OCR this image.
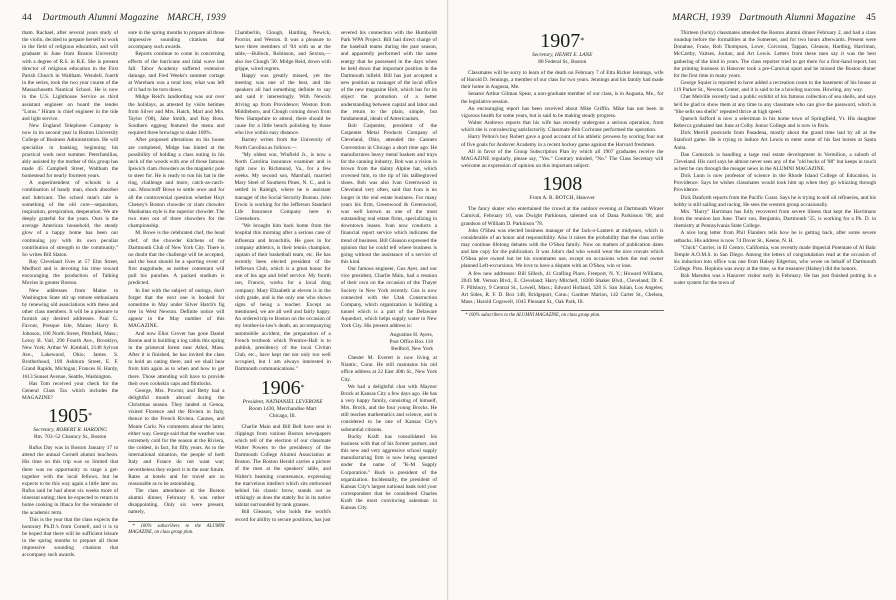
44 Dartmouth Alumni Magazine MARCH, 1939

tham. Rachael, after several years study of the violin, decided to prepare herself to work in the field of religious education, and will graduate in June from Boston University with a degree of R.S. in R.E. She is present director of religious education in the First Parish Church in Waltham. Wendell, fourth in the series, took the two year course of the Massachusetts Nautical School. He is now in the U.S. Lighthouse Service as third assistant engineer on board the tender "Lotus." Hiram is chief engineer in the tide and light service.

New England Telephone Company is now in its second year in Boston University College of Business Administration. He will specialize in banking, beginning his practical work next summer. Peterfamilias, ably assisted by the mother of this group has made 45 Campbell Street, Waltham the homestead for nearly fourteen years.

A superintendent of schools is a combination of handy man, shock absorber and lubricant. The school man's tale is something of the old cure—separation, inspiration, perspiration, desperation. We are deeply grateful for the years. Ours is the average American household, the steady glow of a happy home has been our continuing joy with its own peculiar contribution of strength to the community." So writes Bill Slaton.

Ray Cleveland lives at 57 Elm Street, Medford and is devoting his time toward encouraging the production of Talking Movies in greater Boston.

New addresses from Maine to Washington State stir up remote enthusiasm by renewing old associations with these and other class members. It will be a pleasure to furnish any desired addresses. Paul G. Favour, Presque Isle, Maine; Harry B. Johnson, 100 North Street, Pittsfield, Mass.; Leroy B. Vail, 290 Fourth Ave., Brooklyn, New York; Arthur W. Kimball, 2148 Sylvan Ave., Lakewood, Ohio; James S. Brotherhood, 109 Ashburn Street, E. F. Grand Rapids, Michigan; Frances H. Hardy, 1613 Sunset Avenue, Seattle, Washington.

Has Tom received your check for the General Class Tax which includes the MAGAZINE?

1905*
Secretary, ROBERT R. HARDING
Rm. 703–52 Chauncy St., Boston

Rufus Day was in Boston January 17 to attend the annual Cornell alumni luncheon. His time on this trip was so limited that there was no opportunity to stage a get-together with the local fellows, but he expects to be this way again a little later on. Rufus said he had about six weeks more of itinerant eating; then he expected to return to home cooking in Ithaca for the remainder of the academic term.

This is the year that the class expects the honorary Ph.D.'s from Cornell, and it is to be hoped that there will be sufficient leisure in the spring months to prepare all those impressive sounding citations that accompany such awards.

sure in the spring months to prepare all those impressive sounding citations that accompany such awards.

Reports continue to come in concerning effects of the hurricane and tidal wave last fall. Tabor Academy suffered extensive damage, and Fred Weeks's summer cottage at Wareham was a total loss; what was left of it had to be torn down.

Midge Reid's landlording was out over the holidays, as attested by visits betimes from Silver and Mrs. Hatch, Marl and Mrs. Taylor ('08), Jake Smith, and Ray Ross. Southern eggnog featured the menu and required three brewings to slake 100%.

After proposed alterations on his house are completed, Midge has hinted at the possibility of holding a class outing in his neck of the woods with one of those famous Ipswich clam chowders as the magnetic pole to steer for. He is ready to run his hat in the ring, challenge and more, catch-as-catch-can. Moncreiff Bowe to settle once and for all the controversial question whether Hoyt Cheney's Boston chowder or clam chowder Manhattan style is the superior chowder. The two men out of three chowders for the championship.

M. Bowe is the celebrated chef, the head chef, of the chowder kitchens of the Dartmouth Club of New York City. There is no doubt that the challenge will be accepted, and the bout should be a sporting event of first magnitude, as neither contestant will pull his punches. A packed stadium is predicted.

In line with the subject of outings, don't forget that the next one is booked for sometime in May under Silver Hatch's fig tree in West Newton. Definite notice will appear in the May number of this MAGAZINE.

And now Eliot Grover has gone Daniel Boone and is building a log cabin this spring in the primeval forest near Athol, Mass. After it is finished, he has invited the class to hold an outing there, and we shall hear from him again as to when and how to get there. Those attending will have to provide their own cookskin caps and flintlocks.

George, Mrs. Proctor, and Betty had a delightful month abroad during the Christmas season. They landed at Genoa, visited Florence and the Riviera in Italy, thence to the French Riviera, Cannes, and Monte Carlo. No comments about the latter, either way. George said that the weather was extremely cold for the season at the Riviera, the coldest, in fact, for fifty years. As to the international situation, the people of both Italy and France do not want war; nevertheless they expect it in the near future. Rates at hotels and for travel are so reasonable as to be astonishing.

The class attendance at the Boston alumni dinner, February 8, was rather disappointing. Only six were present, namely,

* 100% subscribers to the ALUMNI MAGAZINE, on class group plan.

Chamberlin, Clough, Harding, Newick, Proctor, and Weston. It was a pleasure to have three members of '04 with us at the table,—Bullock, Robinson, and Sexton,—also Joe Clough '30. Midge Reid, down with grippe, wired regrets.

Happy was greatly missed, yet the meeting was one of the best, and the speakers all had something definite to say and said it interestingly. With Newick driving up from Providence; Weston from Middleboro, and Clough coming down from New Hampshire to attend, there should be cause for a little bench polishing by those who live within easy distance.

Barney writes from the University of North Carolina as follows:—

"My oldest son, Winfield Jr., is now a North Carolina insurance examiner and is right now in Richmond, Va., for a few weeks. My second son, Marshall, married Mary Steel of Southern Pines, N. C., and is settled in Raleigh, where he is assistant manager of the Social Security Bureau. John Erwin is working for the Jefferson Standard Life Insurance Company here in Greensboro.

"We brought him back home from the hospital this morning after a serious case of influenza and bronchitis. He goes in for company athletics, is their tennis champion, captain of their basketball team, etc. He has recently been elected president of the Jefferson Club, which is a great honor for one of his age and brief service. My fourth son, Francis, works for a local drug company. Mary Elizabeth at eleven is in the sixth grade, and is the only one who shows signs of being a teacher. Except as mentioned, we are all well and fairly happy. An ordered trip to Boston on the occasion of my brother-in-law's death, an accompanying automobile accident, the preparation of a French textbook which Prentice-Hall is to publish, presidency of the local Civitan Club, etc., have kept me not only too well occupied, but I am always interested in Dartmouth communications."

1906*
President, NATHANIEL LEVERONE
Room 1430, Merchandise Mart
Chicago, Ill.

Charlie Main and Bill Bell have sent in clippings from various Boston newspapers which tell of the election of our classmate Walter Powers to the presidency of the Dartmouth College Alumni Association at Boston. The Boston Herald carries a picture of the men at the speakers' table, and Walter's beaming countenance, expressing the marvelous intellect which sits enthroned behind his classic brow, stands out as strikingly as does the stately fez in its native habitat surrounded by tank grasses.

Bill Gleason, who holds the world's record for ability to secure positions, has just

severed his connection with the Humboldt Park WPA Project. Bill had direct charge of the baseball teams during the past season, and apparently performed with the same energy that he possessed in the days when he held down that important position in the Dartmouth infield. Bill has just accepted a new position as manager of the local office of the new magazine Holt, which has for its object the promotion of a better understanding between capital and labor and the return to the plain, simple, but fundamental, ideals of Americanism.

Bob Carpenter, president of the Carpenter Metal Products Company of Cleveland, Ohio, attended the Canners Convention in Chicago a short time ago. He manufactures heavy metal baskets and trays for the canning industry. Bob was a vision in brown from the dainty Alpine hat, which crowned him, to the tip of his tailbegloved shoes. Bob was also Ivan Greenwood in Cleveland very often, said that Ivan is no longer in the real estate business. For many years his firm, Greenwood & Greenwood, was well known as one of the most outstanding real estate firms, specializing in downtown leases. Ivan now conducts a financial report service which indicates the trend of business. Bill Gleason expressed the opinion that he could tell where business is going without the assistance of a service of this kind.

Our famous engineer, Gus Ayer, and our vice president, Charlie Main, had a reunion of their own on the occasion of the Thayer Society in New York recently. Gus is now connected with the Utah Construction Company, which organization is building a tunnel which is a part of the Delaware Aqueduct, which helps supply water to New York City. His present address is:

Augustine H. Ayers,
Post Office Box 118
Bedford, New York

Chester M. Everett is now living at Niantic, Conn. He still maintains his old office address at 22 East 40th St., New York City.

We had a delightful chat with Maynor Brock at Kansas City a few days ago. He has a very happy family, consisting of himself, Mrs. Brock, and the four young Brocks. He still teaches mathematics and science, and is considered to be one of Kansas City's substantial citizens.

Bucky Kraft has consolidated his business with that of his former partner, and this new and very aggressive school supply manufacturing firm is now being operated under the name of "K-M Supply Corporation." Buck is president of the organization. Incidentally, the president of Kansas City's largest national bank told your correspondent that he considered Charles Kraft the most convincing salesman in Kansas City.

MARCH, 1939 Dartmouth Alumni Magazine 45
1907*
Secretary, HENRY E. LANE
80 Federal St., Boston

Classmates will be sorry to learn of the death on February 7 of Etta Ricker Jennings, wife of Harold D. Jennings, a member of our class for two years. Jennings and his family had made their home in Augusta, Me.

Senator Arthur Gilman Spear, a non-graduate member of our class, is in Augusta, Me., for the legislative session.

An encouraging report has been received about Mike Griffin. Mike has not been in vigorous health for some years, but is said to be making steady progress.

Walter Andrews reports that his wife has recently undergone a serious operation, from which she is convalescing satisfactorily. Classmate Bob Cochrane performed the operation.

Harry Pelton's boy Robert gave a good account of his athletic prowess by scoring four out of five goals for Andover Academy in a recent hockey game against the Harvard freshmen.

All in favor of the Group Subscription Plan by which all 1907 graduates receive the MAGAZINE regularly, please say, "Yes." Contrary minded, "No." The Class Secretary will welcome an expression of opinion on this important subject.

1908
From A. R. BOTCH, Hanover

The fancy skater who entertained the crowd at the outdoor evening at Dartmouth Winter Carnival, February 10, was Dwight Parkinson, talented son of Dana Parkinson '08, and grandson of William D. Parkinson '78.

John O'Shea was elected business manager of the Jack-o-Lantern at midyears, which is considerable of an honor and responsibility. Also it raises the probability that the class scribe may continue lifelong debates with the O'Shea family. Now on matters of publication dates and late copy for the publication. It was John's dad who would wear the nice cravats which O'Shea père owned but let his roommates use, except on occasions when the real owner planned Left-excursions. We love to have a dispute with an O'Shea, win or lose.

A few new addresses: Bill Silleck, 41 Grafling Place, Freeport, N. Y.; Howard Williams, 2043 Mt. Vernon Blvd., E. Cleveland; Harry Mitchell, 18200 Shaker Blvd., Cleveland; Dr. F. F. Pillsbury, 9 Central St., Lowell, Mass.; Edward Holland, 328 S. San Julian, Los Angeles; Art Sides, R. F. D. Box 148, Bridgeport, Conn.; Gardner Marion, 142 Carter St., Chelsea, Mass.; Harold Cogswell, 1045 Pleasant St., Oak Park, Ill.

* 100% subscribers to the ALUMNI MAGAZINE, on class group plan.

Thirteen (lucky) classmates attended the Boston alumni dinner February 2, and had a class roundup before the formalities at the Somerset, and for two hours afterwards. Present were Donahue, Fraze, Bob Thompson, Lowe, Corcoran, Tappan, Gleason, Harding, Harriman, McCarthy, Vaitses, Jordan, and Art Lewis. Letters from these men say it was the best gathering of the kind in years. The class reporter tried to get there for a first-hand report, but the printing business in Hanover took a pre-Carnival spurt and he missed the Boston dinner for the first time in many years.

George Squier is reported to have added a recreation room to the basement of his house at 119 Parker St., Newton Center, and it is said to be a howling success. Howling, any way.

Chet Melville recently had a public exhibit of his famous collection of sea shells, and says he'd be glad to show them at any time to any classmate who can give the password, which is "She sells sea shells" repeated thrice at high speed.

Quench Safford is now a selectman in his home town of Springfield, Vt. His daughter Rebecca graduated last June at Colby Junior College and is now in Paris.

Dick Merrill postcards from Pasadena, mostly about the grand time had by all at the Stanford game. He is trying to induce Art Lewis to enter some of his fast horses at Santa Anita.

Dan Comstock is handling a large real estate development in Vermilion, a suburb of Cleveland. His card says he almost never sees any of the "old bucks of '08" but keeps in touch as best he can through the meager news in the ALUMNI MAGAZINE.

Dick Lunn is now professor of science in the Rhode Island College of Education, in Providence. Says he wishes classmates would look him up when they go whizzing through Providence.

Dick Danforth reports from the Pacific Coast. Says he is trying to sell oil refineries, and his hobby is still sailing and racing. He sees the western group occasionally.

Mrs. "Harry" Harriman has fully recovered from severe illness that kept the Harrimans from the reunion last June. Their son, Benjamin, Dartmouth '35, is working for a Ph. D. in chemistry at Pennsylvania State College.

A nice long letter from Phil Flanders tells how he is getting back, after some severe setbacks. His address is now 74 Dover St., Keene, N. H.

"Chick" Currier, in El Centro, California, was recently made Imperial Potentate of Al Bahr Temple A.O.M.S. in San Diego. Among the letters of congratulation read at the occasion of his induction into office was one from Halsey Edgerton, who wrote on behalf of Dartmouth College. Pres. Hopkins was away at the time, so the treasurer (Halsey) did the honors.

Bob Marsden was a Hanover visitor early in February. He has just finished putting in a water system for the town of
